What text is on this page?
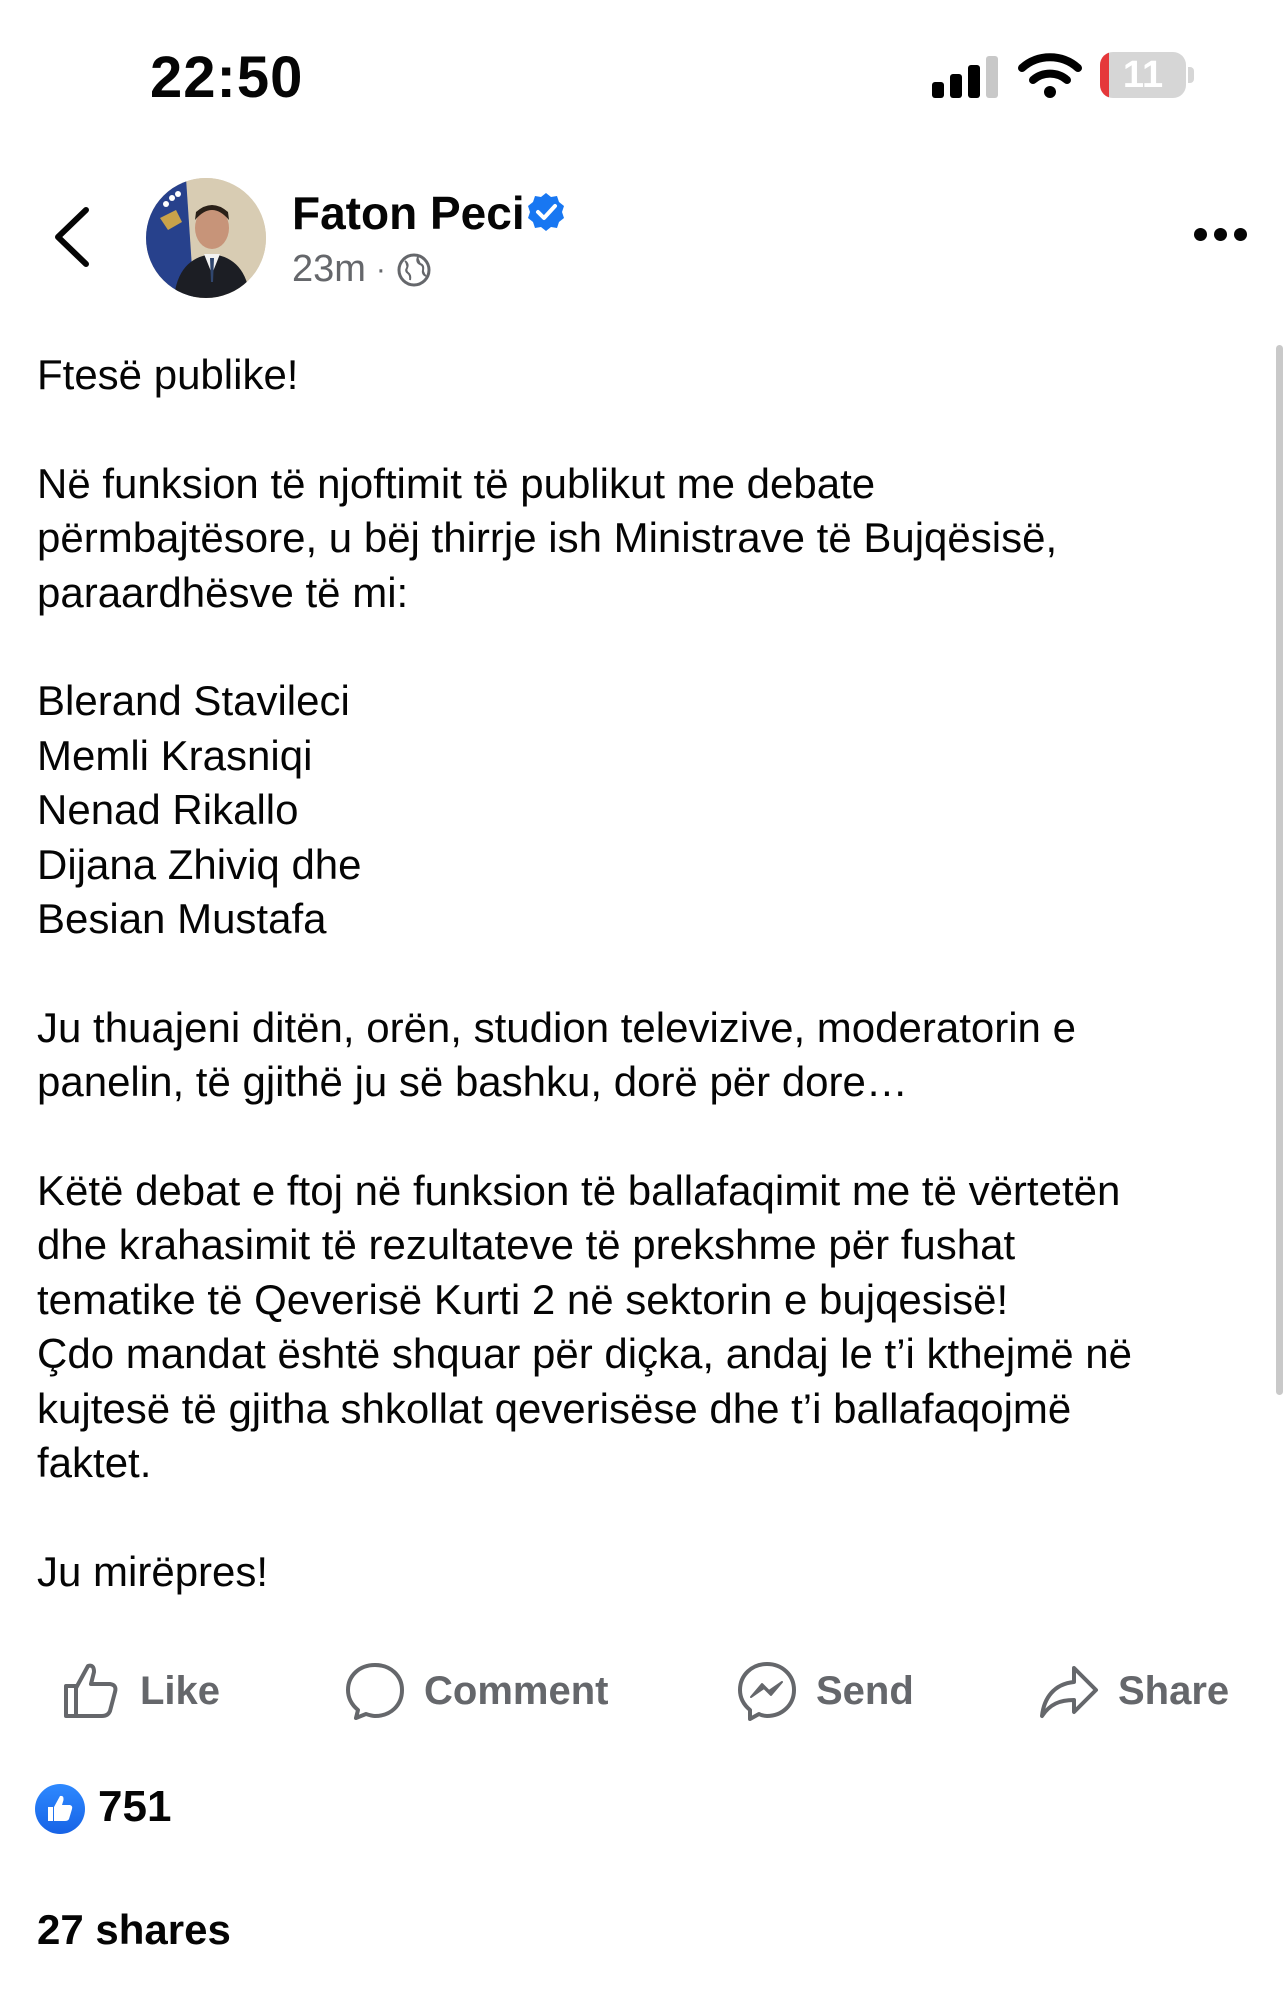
22:50	11
Faton Peci
23m ·

Ftesë publike!

Në funksion të njoftimit të publikut me debate

përmbajtësore, u bëj thirrje ish Ministrave të Bujqësisë,

paraardhësve të mi:

Blerand Stavileci

Memli Krasniqi

Nenad Rikallo

Dijana Zhiviq dhe

Besian Mustafa

Ju thuajeni ditën, orën, studion televizive, moderatorin e

panelin, të gjithë ju së bashku, dorë për dore…

Këtë debat e ftoj në funksion të ballafaqimit me të vërtetën

dhe krahasimit të rezultateve të prekshme për fushat

tematike të Qeverisë Kurti 2 në sektorin e bujqesisë!

Çdo mandat është shquar për diçka, andaj le t’i kthejmë në

kujtesë të gjitha shkollat qeverisëse dhe t’i ballafaqojmë

faktet.

Ju mirëpres!

Like	Comment	Send	Share
751
27 shares
